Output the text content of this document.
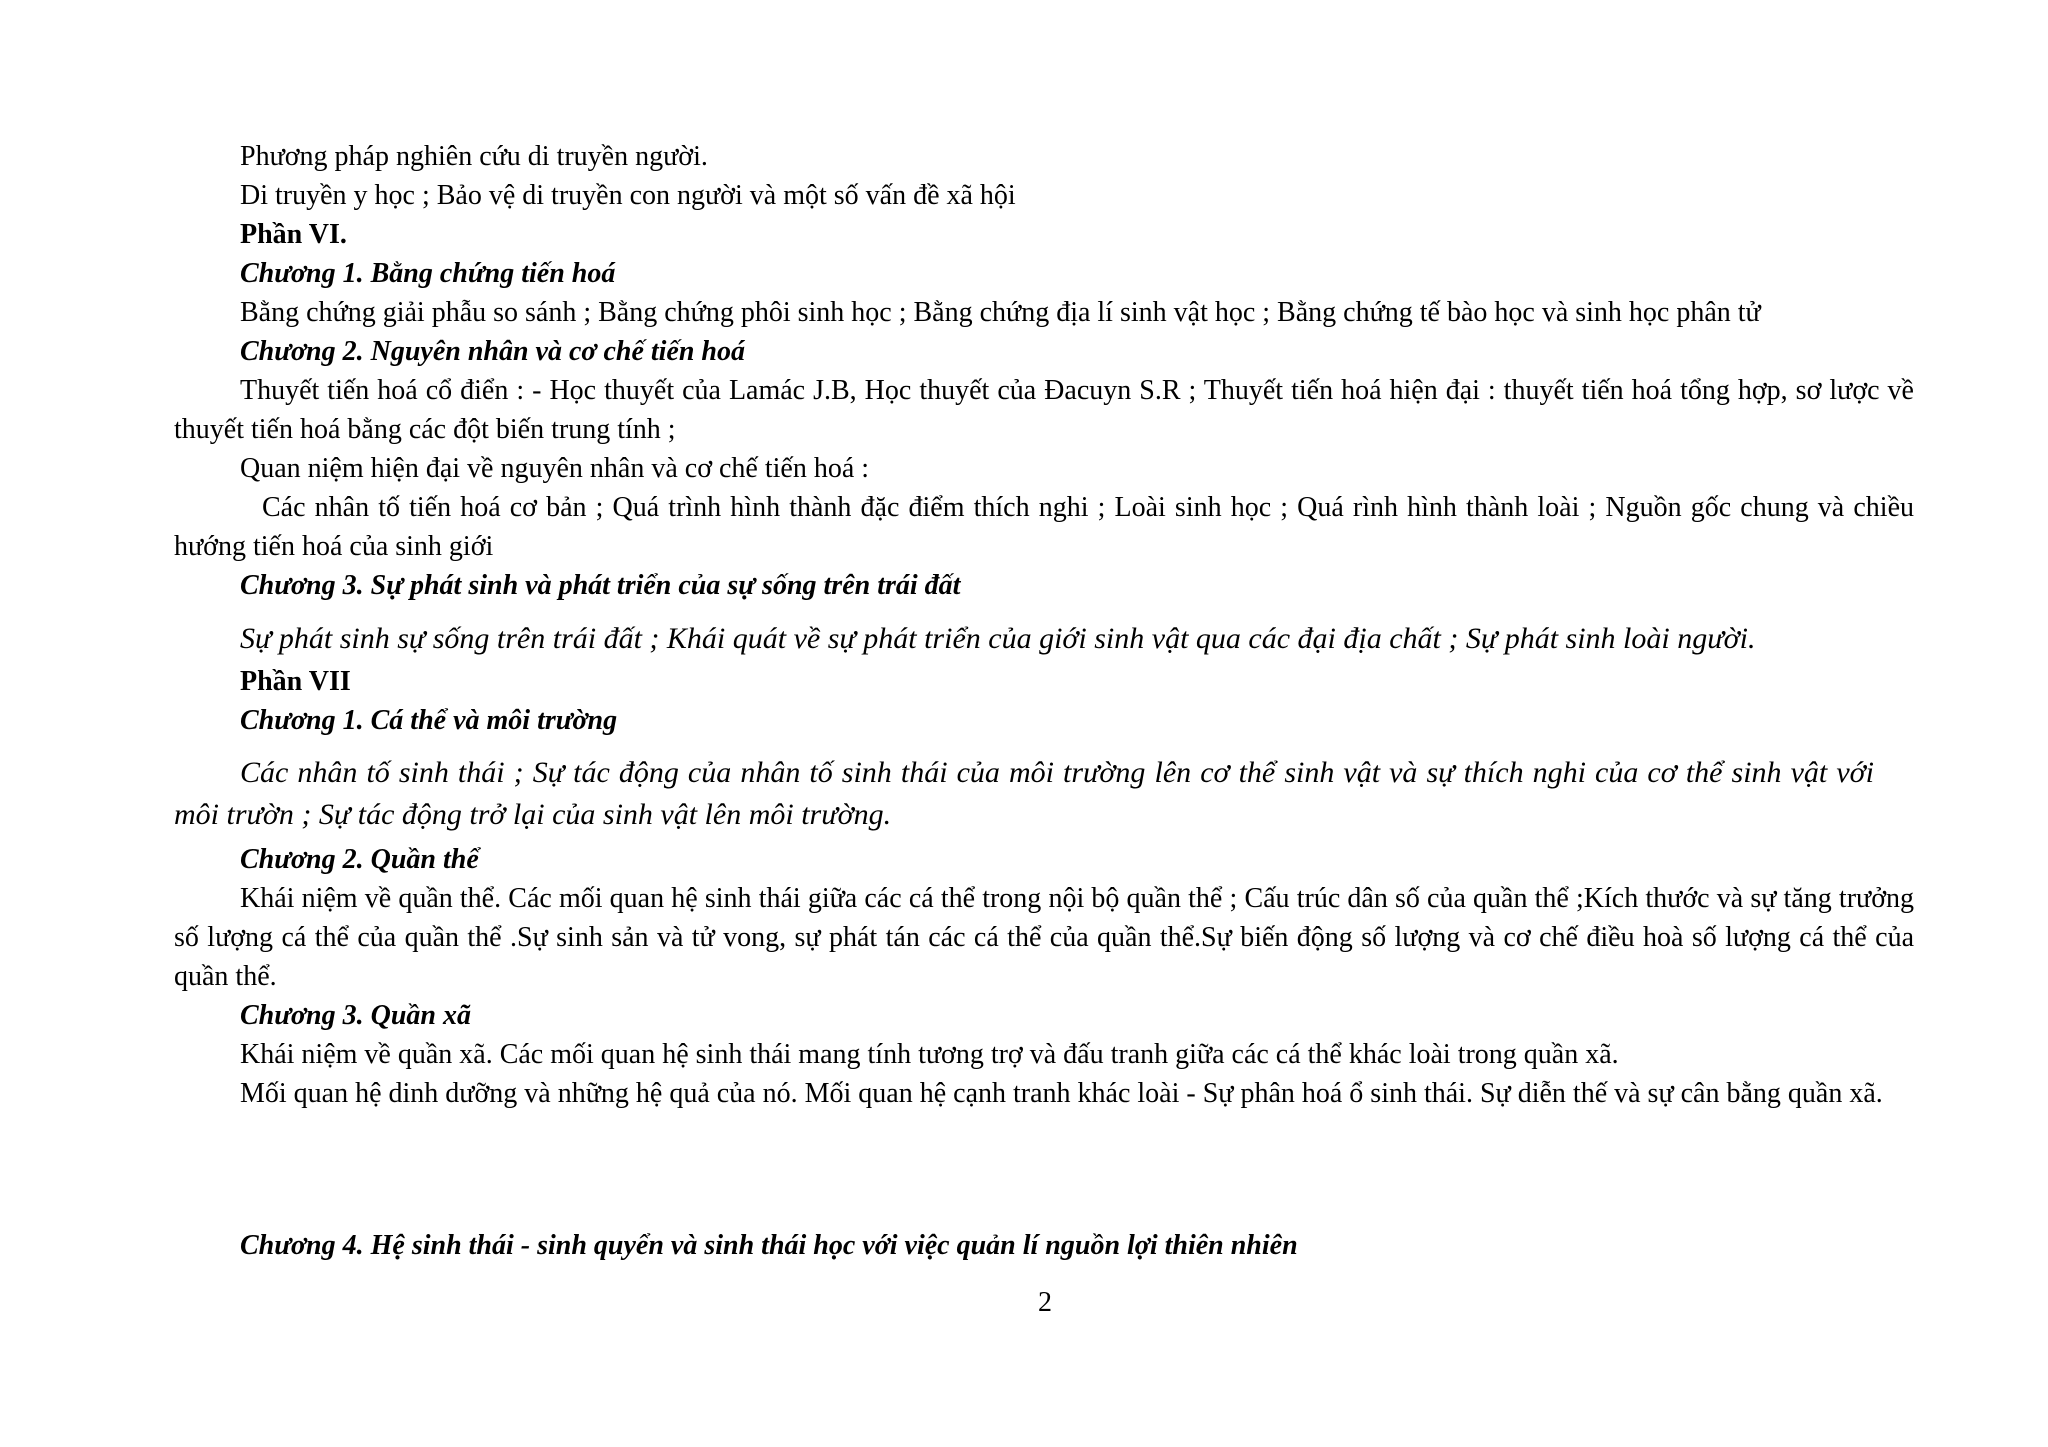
Phương pháp nghiên cứu di truyền người.
Di truyền y học ; Bảo vệ di truyền con người và một số vấn đề xã hội
Phần VI.
Chương 1. Bằng chứng tiến hoá
Bằng chứng giải phẫu so sánh ; Bằng chứng phôi sinh học ; Bằng chứng địa lí sinh vật học ; Bằng chứng tế bào học và sinh học phân tử
Chương 2. Nguyên nhân và cơ chế tiến hoá
Thuyết tiến hoá cổ điển : - Học thuyết của Lamác J.B, Học thuyết của Đacuyn S.R ; Thuyết tiến hoá hiện đại : thuyết tiến hoá tổng hợp, sơ lược về thuyết tiến hoá bằng các đột biến trung tính ;
Quan niệm hiện đại về nguyên nhân và cơ chế tiến hoá :
Các nhân tố tiến hoá cơ bản ; Quá trình hình thành đặc điểm thích nghi ; Loài sinh học ; Quá rình hình thành loài ; Nguồn gốc chung và chiều hướng tiến hoá của sinh giới
Chương 3. Sự phát sinh và phát triển của sự sống trên trái đất
Sự phát sinh sự sống trên trái đất ; Khái quát về sự phát triển của giới sinh vật qua các đại địa chất ; Sự phát sinh loài người.
Phần VII
Chương 1. Cá thể và môi trường
Các nhân tố sinh thái ; Sự tác động của nhân tố sinh thái của môi trường lên cơ thể sinh vật và sự thích nghi của cơ thể sinh vật với môi trườn ; Sự tác động trở lại của sinh vật lên môi trường.
Chương 2. Quần thể
Khái niệm về quần thể. Các mối quan hệ sinh thái giữa các cá thể trong nội bộ quần thể ; Cấu trúc dân số của quần thể ;Kích thước và sự tăng trưởng số lượng cá thể của quần thể .Sự sinh sản và tử vong, sự phát tán các cá thể của quần thể.Sự biến động số lượng và cơ chế điều hoà số lượng cá thể của quần thể.
Chương 3. Quần xã
Khái niệm về quần xã. Các mối quan hệ sinh thái mang tính tương trợ và đấu tranh giữa các cá thể khác loài trong quần xã.
Mối quan hệ dinh dưỡng và những hệ quả của nó. Mối quan hệ cạnh tranh khác loài - Sự phân hoá ổ sinh thái. Sự diễn thế và sự cân bằng quần xã.
Chương 4. Hệ sinh thái - sinh quyển và sinh thái học với việc quản lí nguồn lợi thiên nhiên
2
